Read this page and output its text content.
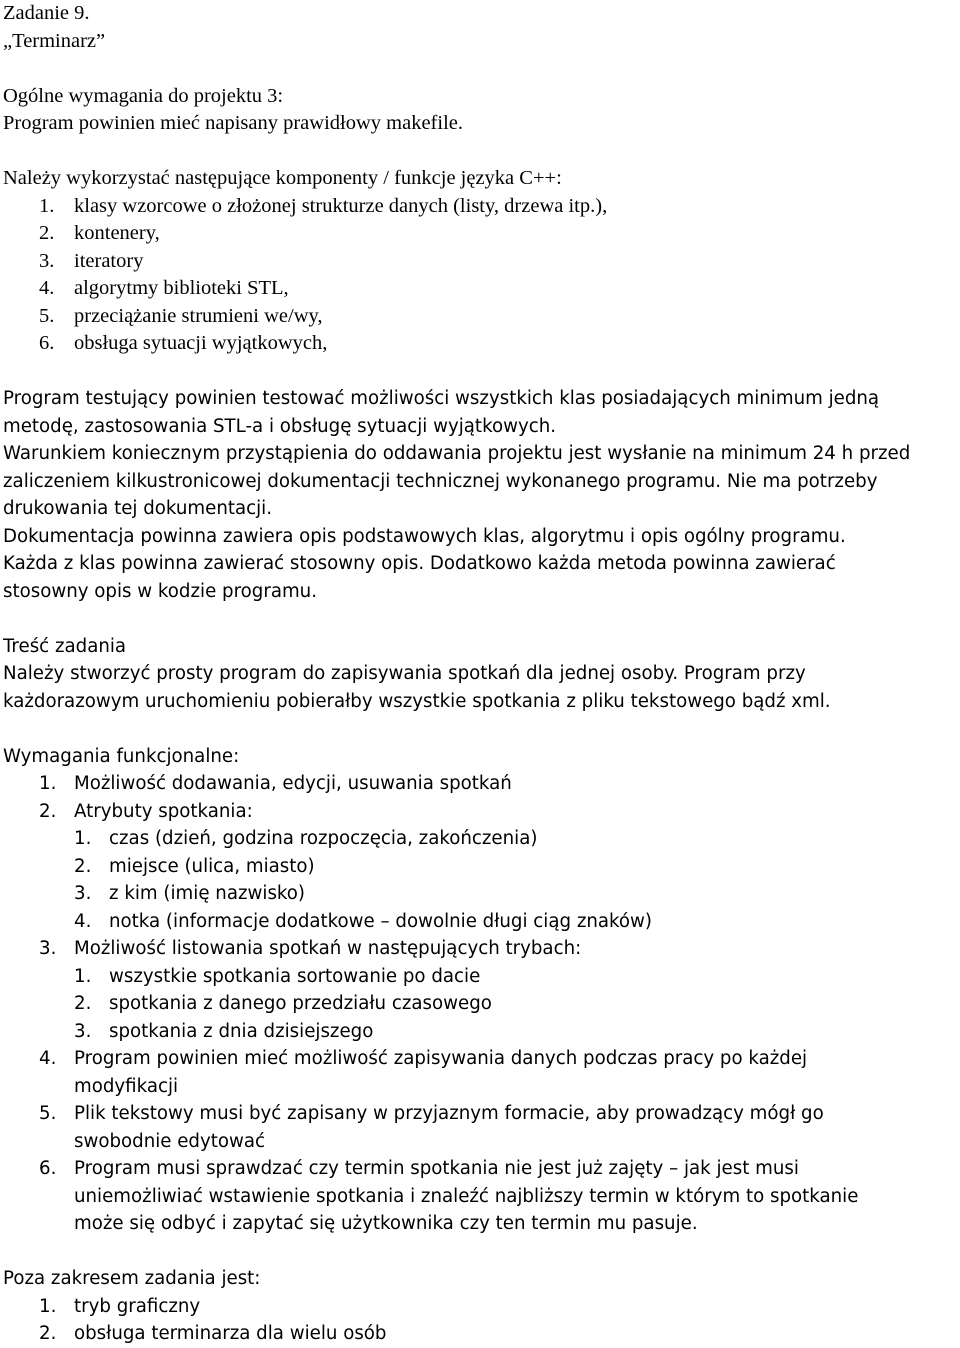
Zadanie 9.
„Terminarz”
Ogólne wymagania do projektu 3:
Program powinien mieć napisany prawidłowy makefile.
Należy wykorzystać następujące komponenty / funkcje języka C++:
1. klasy wzorcowe o złożonej strukturze danych (listy, drzewa itp.),
2. kontenery,
3. iteratory
4. algorytmy biblioteki STL,
5. przeciążanie strumieni we/wy,
6. obsługa sytuacji wyjątkowych,
Program testujący powinien testować możliwości wszystkich klas posiadających minimum jedną
metodę, zastosowania STL-a i obsługę sytuacji wyjątkowych.
Warunkiem koniecznym przystąpienia do oddawania projektu jest wysłanie na minimum 24 h przed
zaliczeniem kilkustronicowej dokumentacji technicznej wykonanego programu. Nie ma potrzeby
drukowania tej dokumentacji.
Dokumentacja powinna zawiera opis podstawowych klas, algorytmu i opis ogólny programu.
Każda z klas powinna zawierać stosowny opis. Dodatkowo każda metoda powinna zawierać
stosowny opis w kodzie programu.
Treść zadania
Należy stworzyć prosty program do zapisywania spotkań dla jednej osoby. Program przy
każdorazowym uruchomieniu pobierałby wszystkie spotkania z pliku tekstowego bądź xml.
Wymagania funkcjonalne:
1. Możliwość dodawania, edycji, usuwania spotkań
2. Atrybuty spotkania:
1. czas (dzień, godzina rozpoczęcia, zakończenia)
2. miejsce (ulica, miasto)
3. z kim (imię nazwisko)
4. notka (informacje dodatkowe – dowolnie długi ciąg znaków)
3. Możliwość listowania spotkań w następujących trybach:
1. wszystkie spotkania sortowanie po dacie
2. spotkania z danego przedziału czasowego
3. spotkania z dnia dzisiejszego
4. Program powinien mieć możliwość zapisywania danych podczas pracy po każdej
modyfikacji
5. Plik tekstowy musi być zapisany w przyjaznym formacie, aby prowadzący mógł go
swobodnie edytować
6. Program musi sprawdzać czy termin spotkania nie jest już zajęty – jak jest musi
uniemożliwiać wstawienie spotkania i znaleźć najbliższy termin w którym to spotkanie
może się odbyć i zapytać się użytkownika czy ten termin mu pasuje.
Poza zakresem zadania jest:
1. tryb graficzny
2. obsługa terminarza dla wielu osób
